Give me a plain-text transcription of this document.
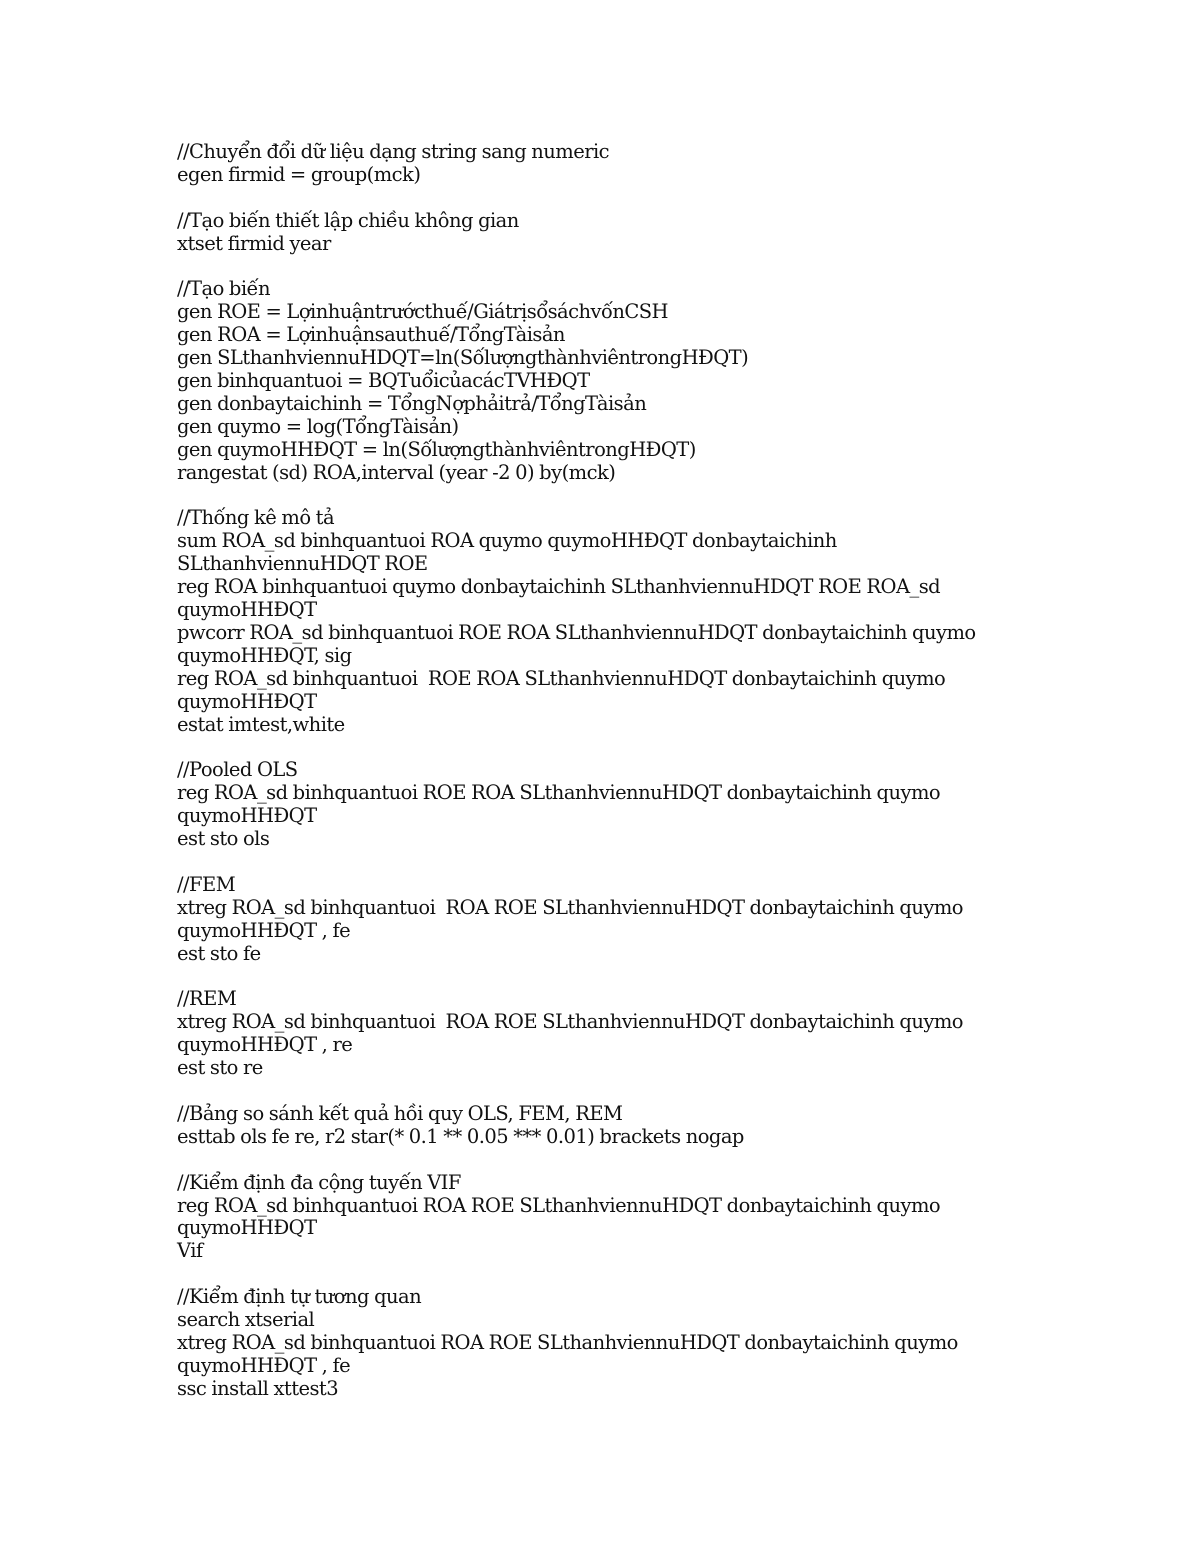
//Chuyển đổi dữ liệu dạng string sang numeric
egen firmid = group(mck)
//Tạo biến thiết lập chiều không gian
xtset firmid year
//Tạo biến
gen ROE = Lợinhuậntrướcthuế/GiátrịsổsáchvốnCSH
gen ROA = Lợinhuậnsauthuế/TổngTàisản
gen SLthanhviennuHDQT=ln(SốlượngthànhviêntrongHĐQT)
gen binhquantuoi = BQTuổicủacácTVHĐQT
gen donbaytaichinh = TổngNợphảitrả/TổngTàisản
gen quymo = log(TổngTàisản)
gen quymoHHĐQT = ln(SốlượngthànhviêntrongHĐQT)
rangestat (sd) ROA,interval (year -2 0) by(mck)
//Thống kê mô tả
sum ROA_sd binhquantuoi ROA quymo quymoHHĐQT donbaytaichinh
SLthanhviennuHDQT ROE
reg ROA binhquantuoi quymo donbaytaichinh SLthanhviennuHDQT ROE ROA_sd
quymoHHĐQT
pwcorr ROA_sd binhquantuoi ROE ROA SLthanhviennuHDQT donbaytaichinh quymo
quymoHHĐQT, sig
reg ROA_sd binhquantuoi  ROE ROA SLthanhviennuHDQT donbaytaichinh quymo
quymoHHĐQT
estat imtest,white
//Pooled OLS
reg ROA_sd binhquantuoi ROE ROA SLthanhviennuHDQT donbaytaichinh quymo
quymoHHĐQT
est sto ols
//FEM
xtreg ROA_sd binhquantuoi  ROA ROE SLthanhviennuHDQT donbaytaichinh quymo
quymoHHĐQT , fe
est sto fe
//REM
xtreg ROA_sd binhquantuoi  ROA ROE SLthanhviennuHDQT donbaytaichinh quymo
quymoHHĐQT , re
est sto re
//Bảng so sánh kết quả hồi quy OLS, FEM, REM
esttab ols fe re, r2 star(* 0.1 ** 0.05 *** 0.01) brackets nogap
//Kiểm định đa cộng tuyến VIF
reg ROA_sd binhquantuoi ROA ROE SLthanhviennuHDQT donbaytaichinh quymo
quymoHHĐQT
Vif
//Kiểm định tự tương quan
search xtserial
xtreg ROA_sd binhquantuoi ROA ROE SLthanhviennuHDQT donbaytaichinh quymo
quymoHHĐQT , fe
ssc install xttest3
